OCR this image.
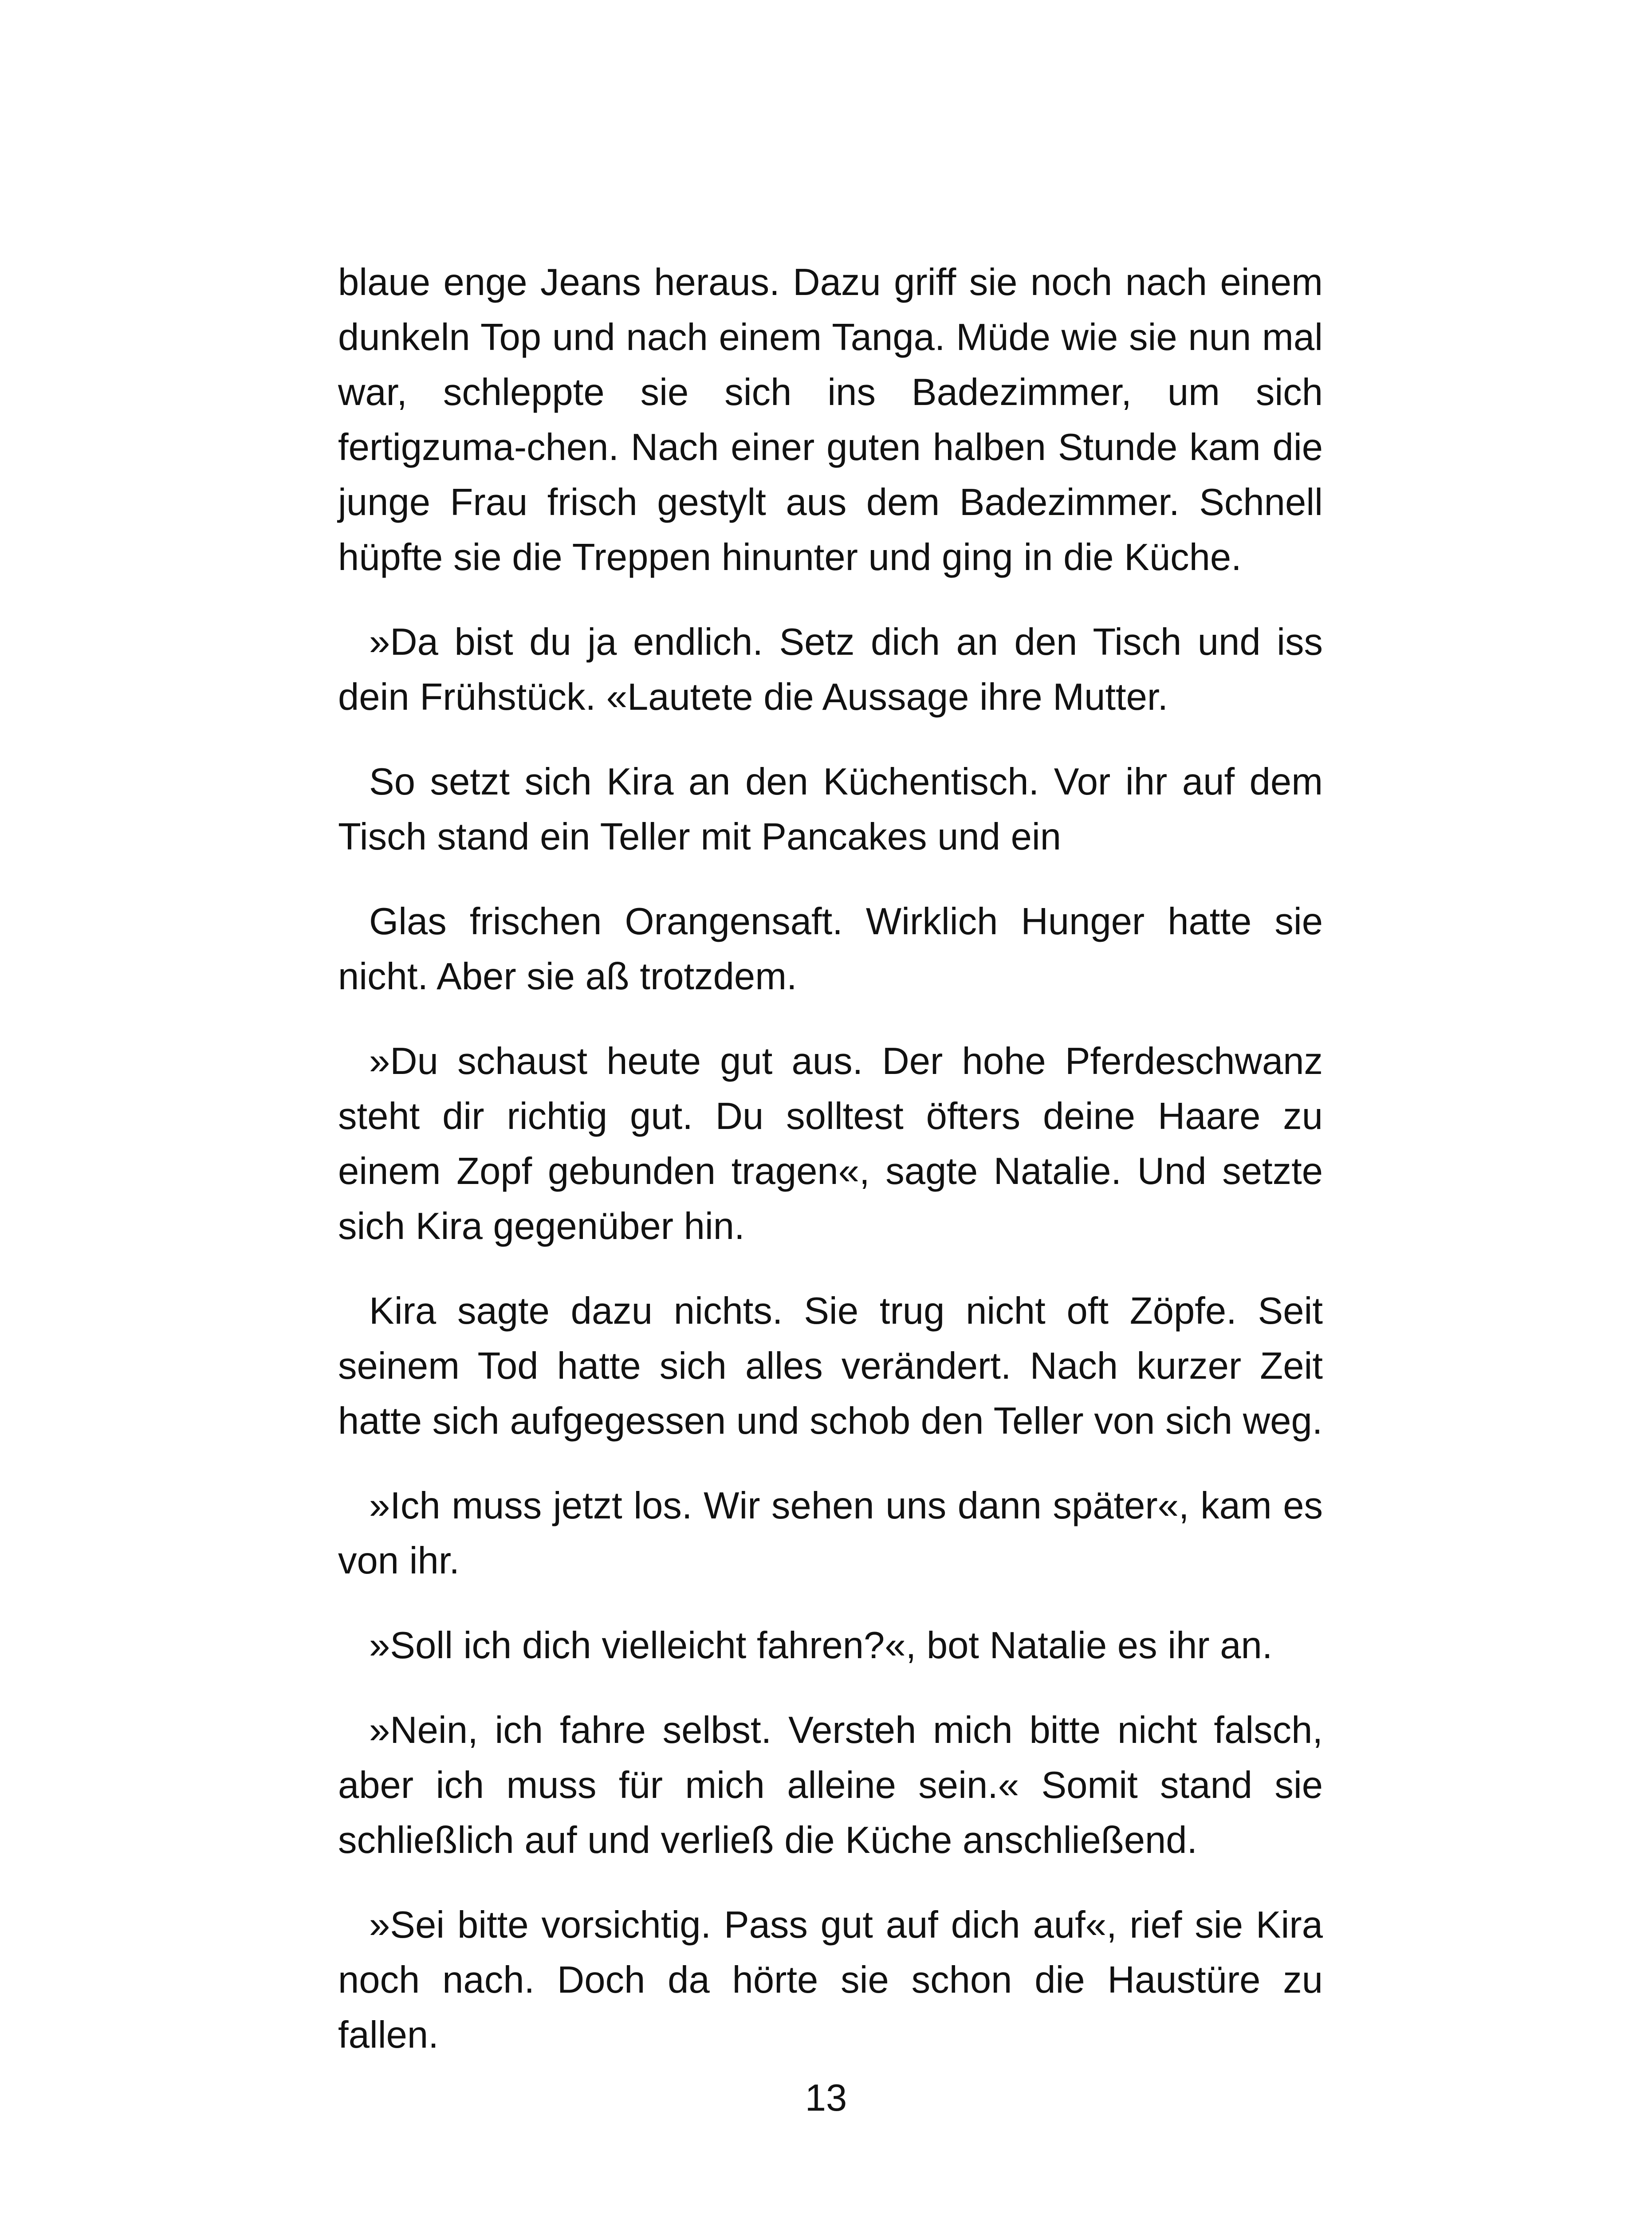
blaue enge Jeans heraus. Dazu griff sie noch nach einem dunkeln Top und nach einem Tanga. Müde wie sie nun mal war, schleppte sie sich ins Badezimmer, um sich fertigzuma-chen. Nach einer guten halben Stunde kam die junge Frau frisch gestylt aus dem Badezimmer. Schnell hüpfte sie die Treppen hinunter und ging in die Küche.

»Da bist du ja endlich. Setz dich an den Tisch und iss dein Frühstück. «Lautete die Aussage ihre Mutter.

So setzt sich Kira an den Küchentisch. Vor ihr auf dem Tisch stand ein Teller mit Pancakes und ein

Glas frischen Orangensaft. Wirklich Hunger hatte sie nicht. Aber sie aß trotzdem.

»Du schaust heute gut aus. Der hohe Pferdeschwanz steht dir richtig gut. Du solltest öfters deine Haare zu einem Zopf gebunden tragen«, sagte Natalie. Und setzte sich Kira gegenüber hin.

Kira sagte dazu nichts. Sie trug nicht oft Zöpfe. Seit seinem Tod hatte sich alles verändert. Nach kurzer Zeit hatte sich aufgegessen und schob den Teller von sich weg.

»Ich muss jetzt los. Wir sehen uns dann später«, kam es von ihr.

»Soll ich dich vielleicht fahren?«, bot Natalie es ihr an.

»Nein, ich fahre selbst. Versteh mich bitte nicht falsch, aber ich muss für mich alleine sein.« Somit stand sie schließlich auf und verließ die Küche anschließend.

»Sei bitte vorsichtig. Pass gut auf dich auf«, rief sie Kira noch nach. Doch da hörte sie schon die Haustüre zu fallen.

13
